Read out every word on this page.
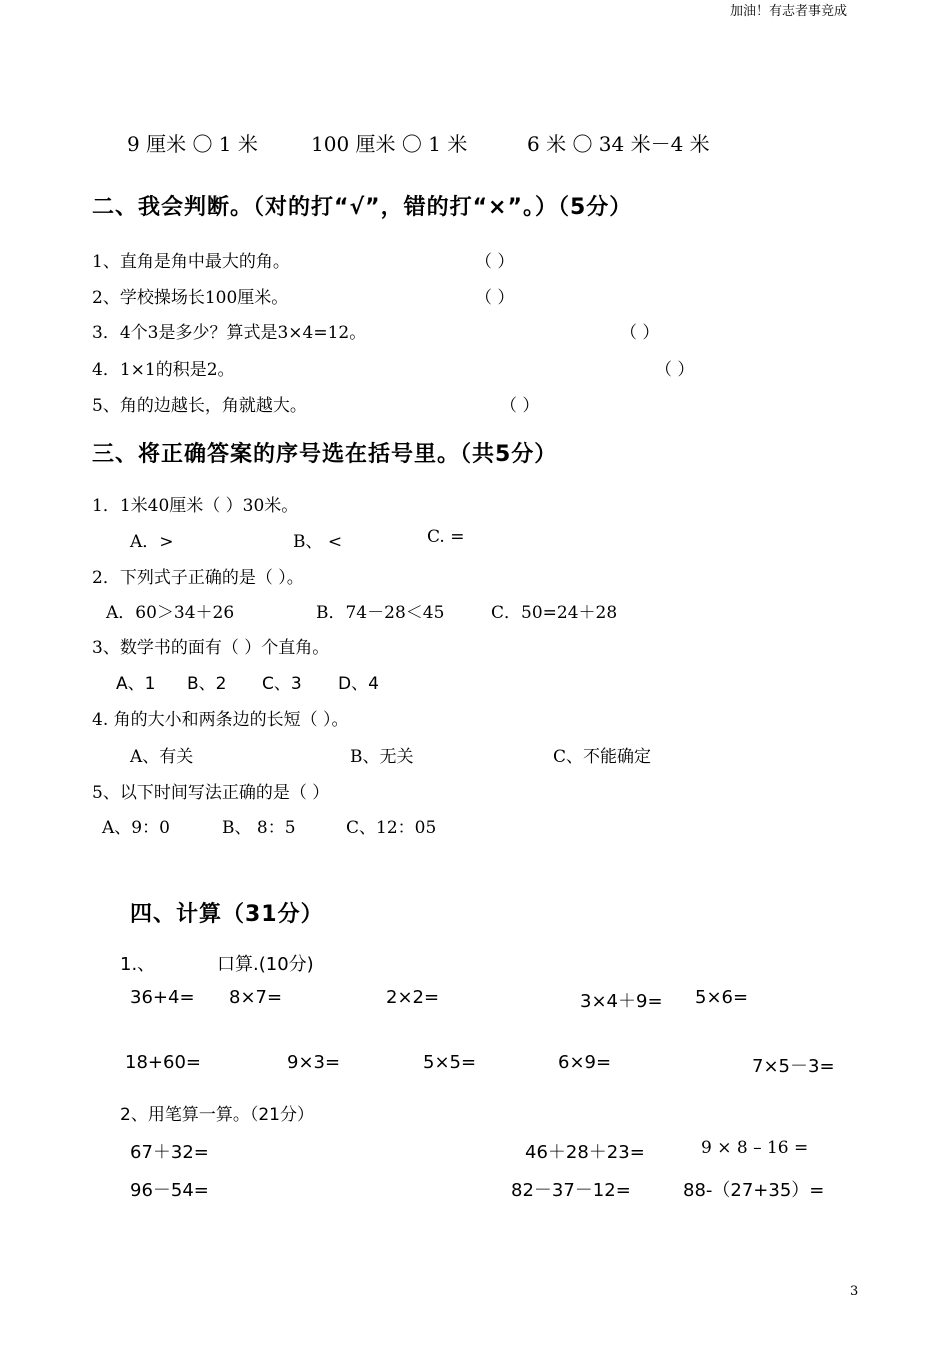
加油！有志者事竞成
9 厘米 〇 1 米	100 厘米 〇 1 米	6 米 〇 34 米－4 米
二、我会判断。（对的打“√”，错的打“×”。）（5分）
1、直角是角中最大的角。	（ ）
2、学校操场长100厘米。	（ ）
3．4个3是多少？算式是3×4=12。	（ ）
4．1×1的积是2。	（ ）
5、角的边越长，角就越大。	（ ）
三、将正确答案的序号选在括号里。（共5分）
1．1米40厘米（ ）30米。
A．>	B、 <	C. =
2．下列式子正确的是（ ）。
A．60＞34＋26	B．74－28＜45	C．50=24＋28
3、数学书的面有（ ）个直角。
A、1 B、2 C、3 D、4
4. 角的大小和两条边的长短（ ）。
A、有关	B、无关	C、不能确定
5、以下时间写法正确的是（ ）
A、9：0	B、 8：5	C、12：05
四、计算（31分）
1.、	口算.(10分)
36+4= 8×7=	2×2=	3×4＋9= 5×6=
18+60=	9×3=	5×5=	6×9=	7×5－3=
2、用笔算一算。（21分）
67＋32=	46＋28＋23=	9 × 8 – 16 =
96－54=	82－37－12=	88-（27+35）=
3
